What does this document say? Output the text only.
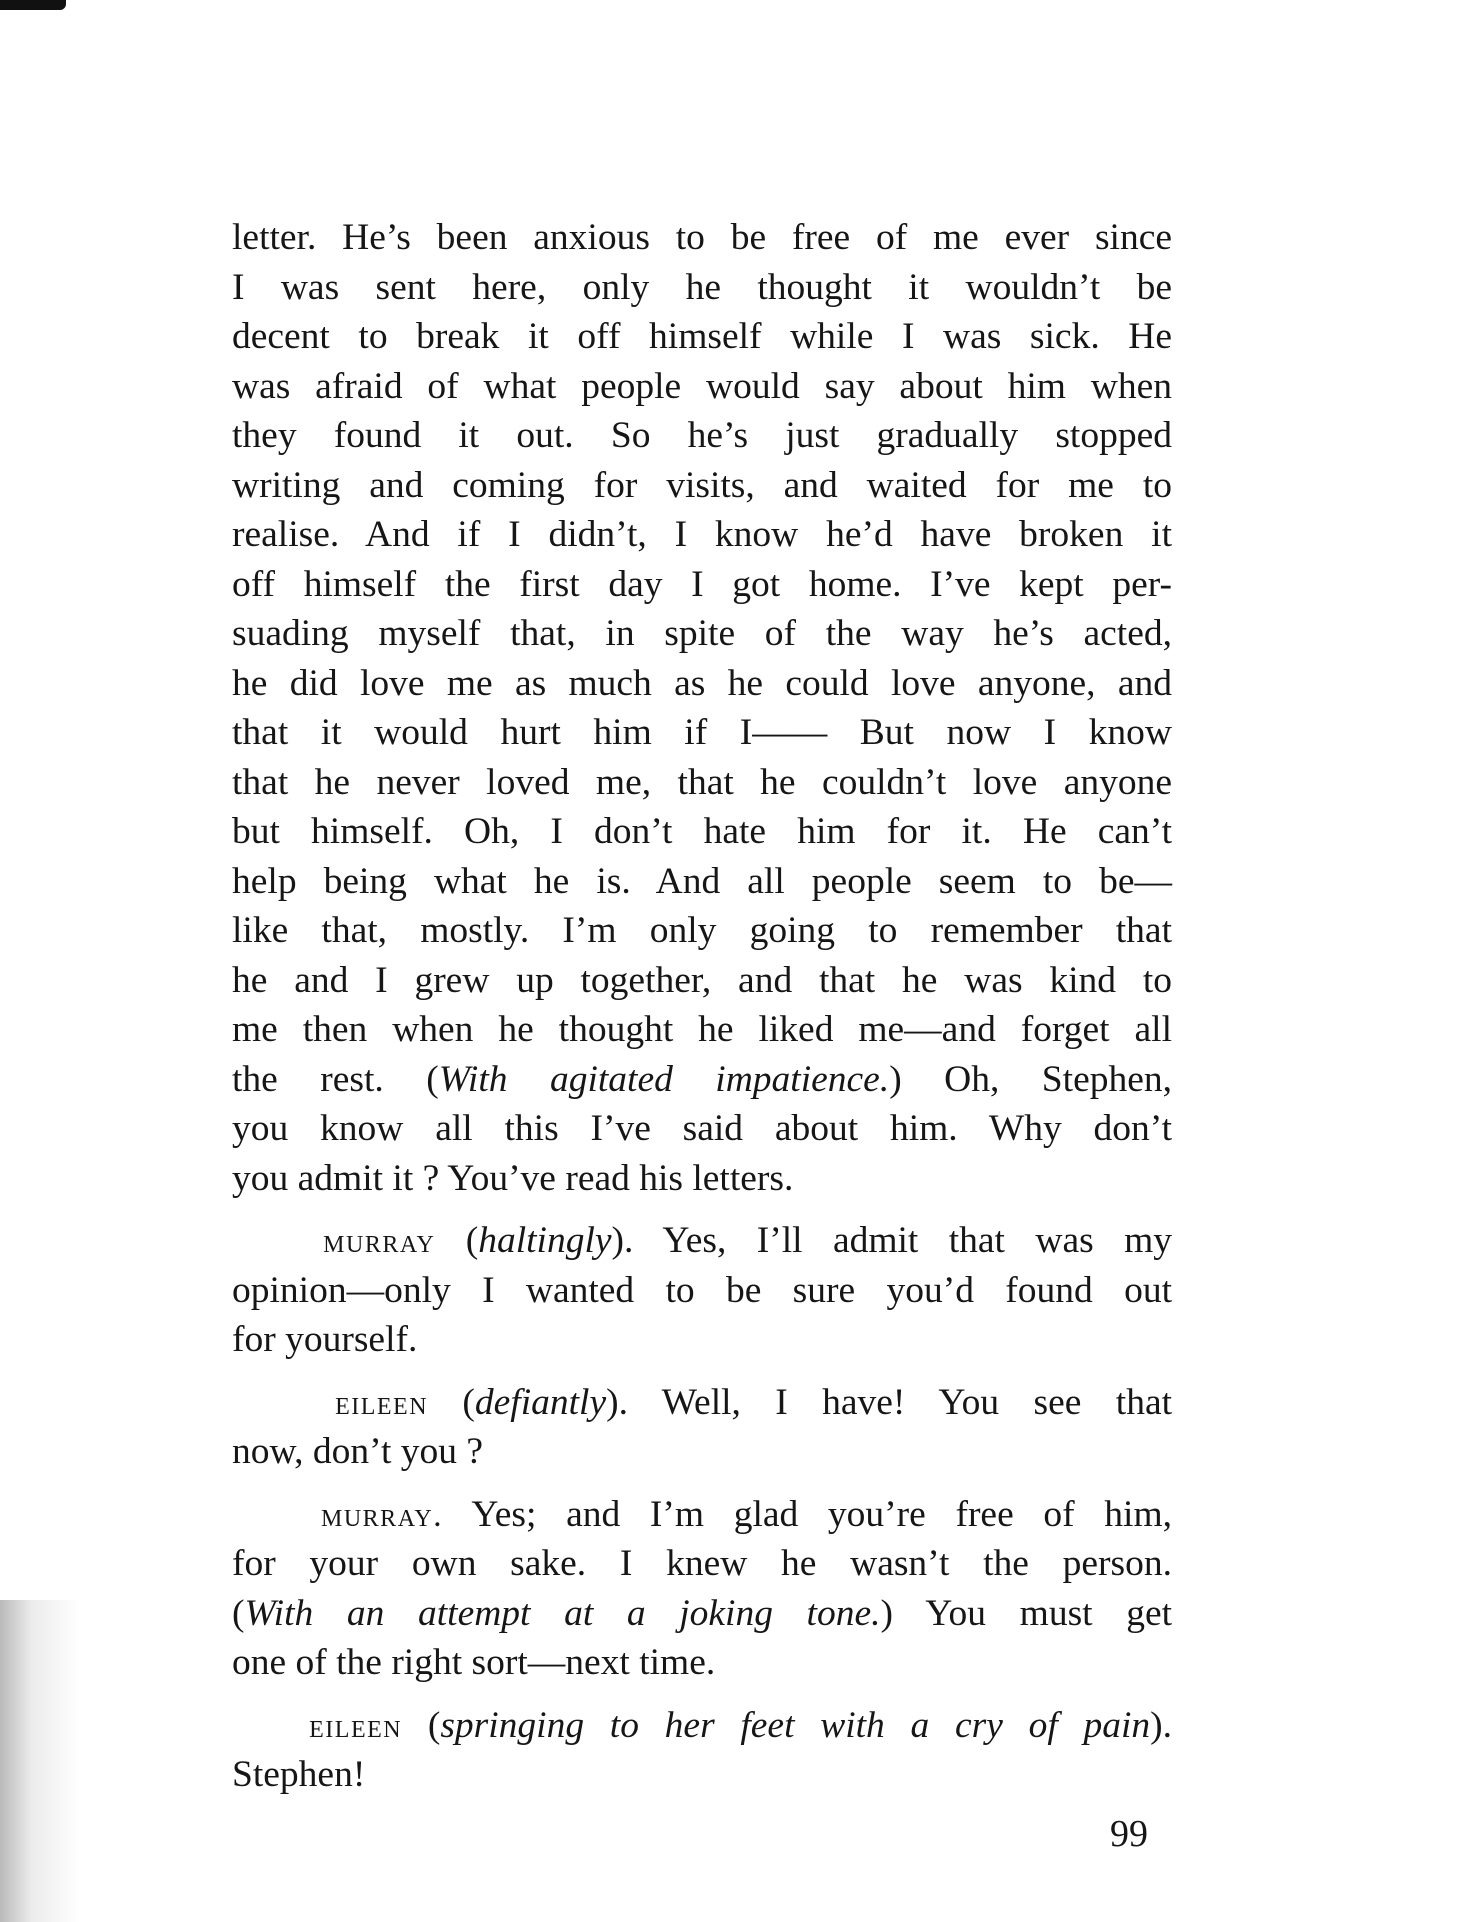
letter. He’s been anxious to be free of me ever since
I was sent here, only he thought it wouldn’t be
decent to break it off himself while I was sick. He
was afraid of what people would say about him when
they found it out. So he’s just gradually stopped
writing and coming for visits, and waited for me to
realise. And if I didn’t, I know he’d have broken it
off himself the first day I got home. I’ve kept per-
suading myself that, in spite of the way he’s acted,
he did love me as much as he could love anyone, and
that it would hurt him if I—— But now I know
that he never loved me, that he couldn’t love anyone
but himself. Oh, I don’t hate him for it. He can’t
help being what he is. And all people seem to be—
like that, mostly. I’m only going to remember that
he and I grew up together, and that he was kind to
me then when he thought he liked me—and forget all
the rest. (With agitated impatience.) Oh, Stephen,
you know all this I’ve said about him. Why don’t
you admit it ? You’ve read his letters.
murray (haltingly). Yes, I’ll admit that was my
opinion—only I wanted to be sure you’d found out
for yourself.
eileen (defiantly). Well, I have! You see that
now, don’t you ?
murray. Yes; and I’m glad you’re free of him,
for your own sake. I knew he wasn’t the person.
(With an attempt at a joking tone.) You must get
one of the right sort—next time.
eileen (springing to her feet with a cry of pain).
Stephen!
99
